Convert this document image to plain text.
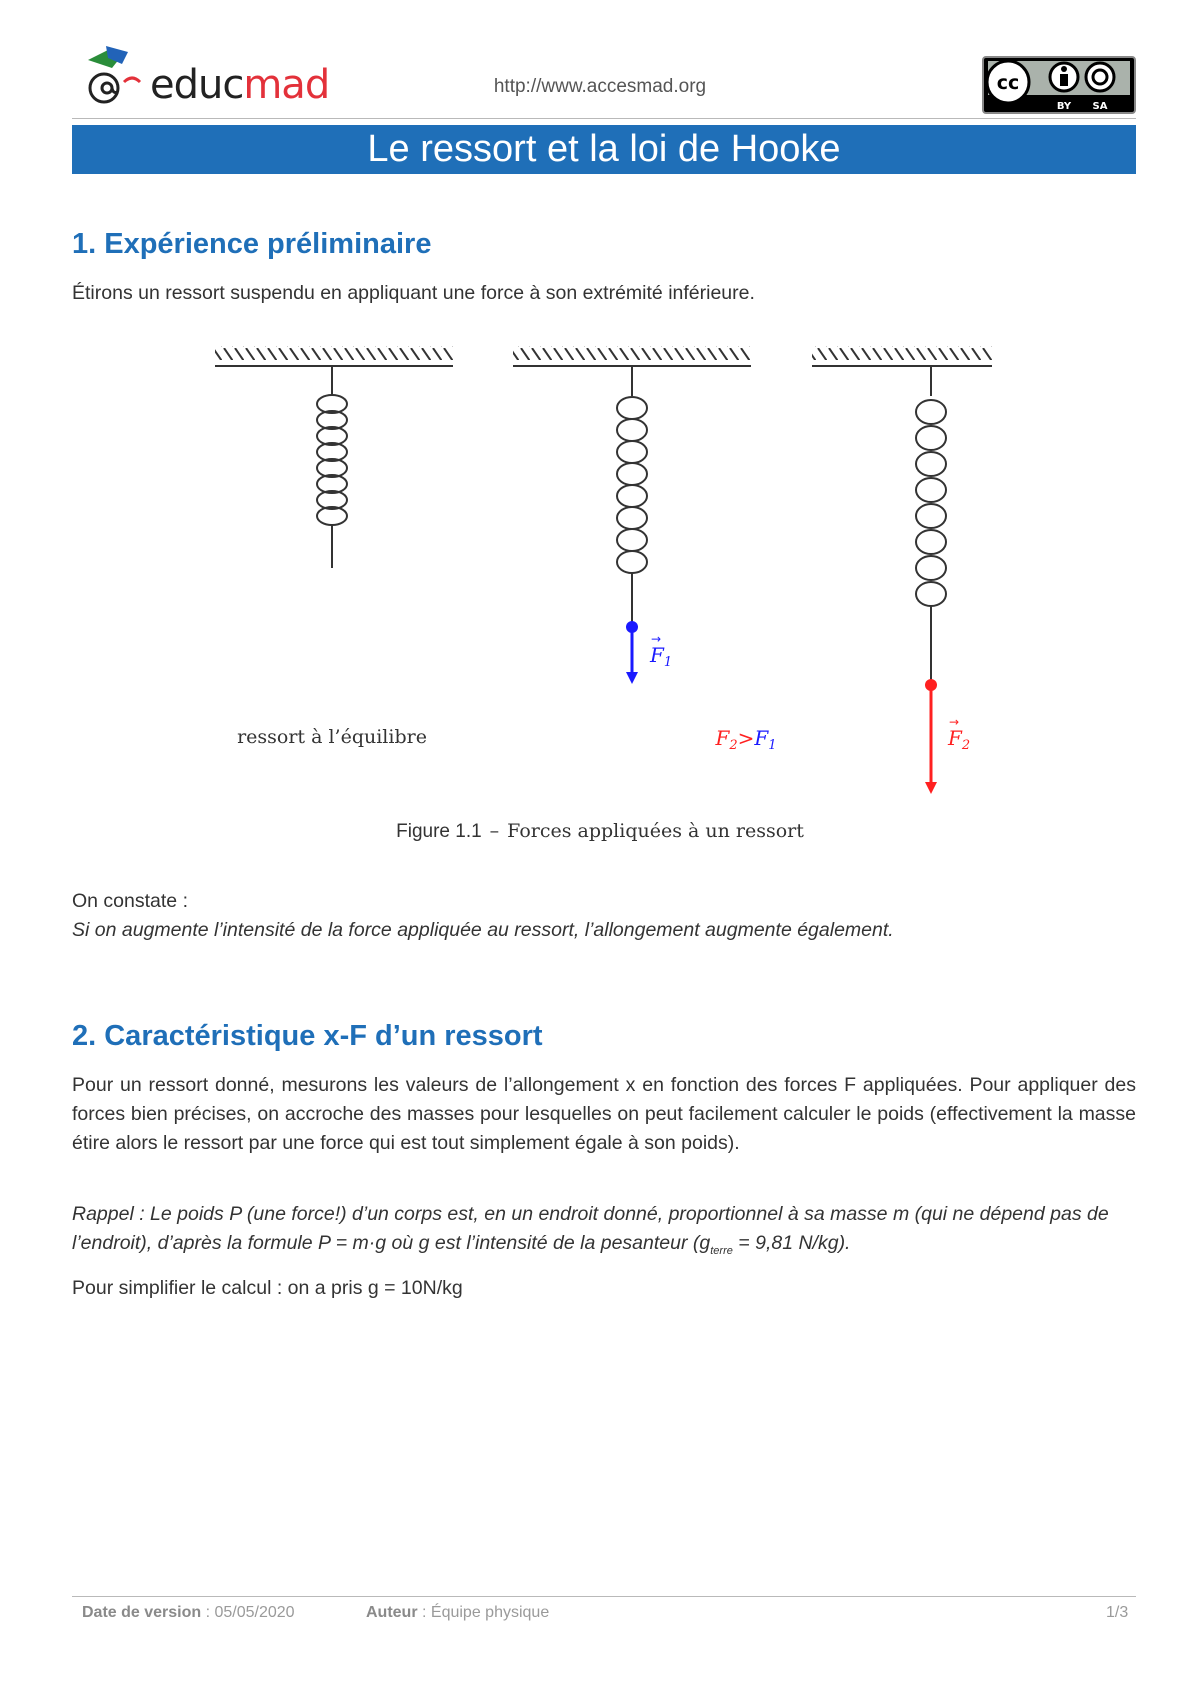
educmad	http://www.accesmad.org	cc
BY SA
Le ressort et la loi de Hooke
1. Expérience préliminaire
Étirons un ressort suspendu en appliquant une force à son extrémité inférieure.
ressort à l’équilibre
$F_1$
→
$F_2>F_1$	$F_2$
→
Figure 1.1 – Forces appliquées à un ressort
On constate :
Si on augmente l’intensité de la force appliquée au ressort, l’allongement augmente également.
2. Caractéristique x-F d’un ressort
Pour un ressort donné, mesurons les valeurs de l’allongement x en fonction des forces F appliquées. Pour appliquer des forces bien précises, on accroche des masses pour lesquelles on peut facilement calculer le poids (effectivement la masse étire alors le ressort par une force qui est tout simplement égale à son poids).
Rappel : Le poids P (une force!) d’un corps est, en un endroit donné, proportionnel à sa masse m (qui ne dépend pas de l’endroit), d’après la formule P = m·g où g est l’intensité de la pesanteur ($g_{terre} = 9,81$ N/kg).
Pour simplifier le calcul : on a pris g = 10N/kg
Date de version : 05/05/2020	Auteur : Équipe physique	1/3
